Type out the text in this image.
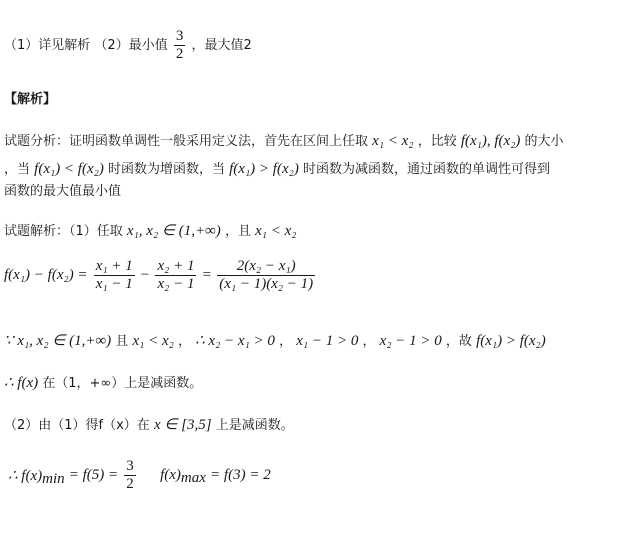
（1）详见解析 （2）最小值 $\frac{3}{2}$ ，最大值2
【解析】
试题分析：证明函数单调性一般采用定义法，首先在区间上任取 x₁ < x₂ ，比较 f(x₁), f(x₂) 的大小
，当 f(x₁) < f(x₂) 时函数为增函数，当 f(x₁) > f(x₂) 时函数为减函数，通过函数的单调性可得到
函数的最大值最小值
试题解析：（1）任取 x₁, x₂ ∈ (1,+∞) ，且 x₁ < x₂
$f(x_1) - f(x_2) = \frac{\text{x₁ + 1}}{\text{x₁ − 1}} - \frac{\text{x₂ + 1}}{\text{x₂ − 1}} = \frac{\text{2(x₂ − x₁)}}{\text{(x₁ − 1)(x₂ − 1)}}$
∵ x₁, x₂ ∈ (1,+∞) 且 x₁ < x₂ ， ∴ x₂ − x₁ > 0 ， x₁ − 1 > 0 ， x₂ − 1 > 0 ，故 f(x₁) > f(x₂)
∴ f(x) 在（1，+∞）上是减函数。
（2）由（1）得f（x）在 x ∈ [3,5] 上是减函数。
∴ $f(x)_{min} = f(5) = \frac{3}{2} f(x)_{max} = f(3) = 2$
